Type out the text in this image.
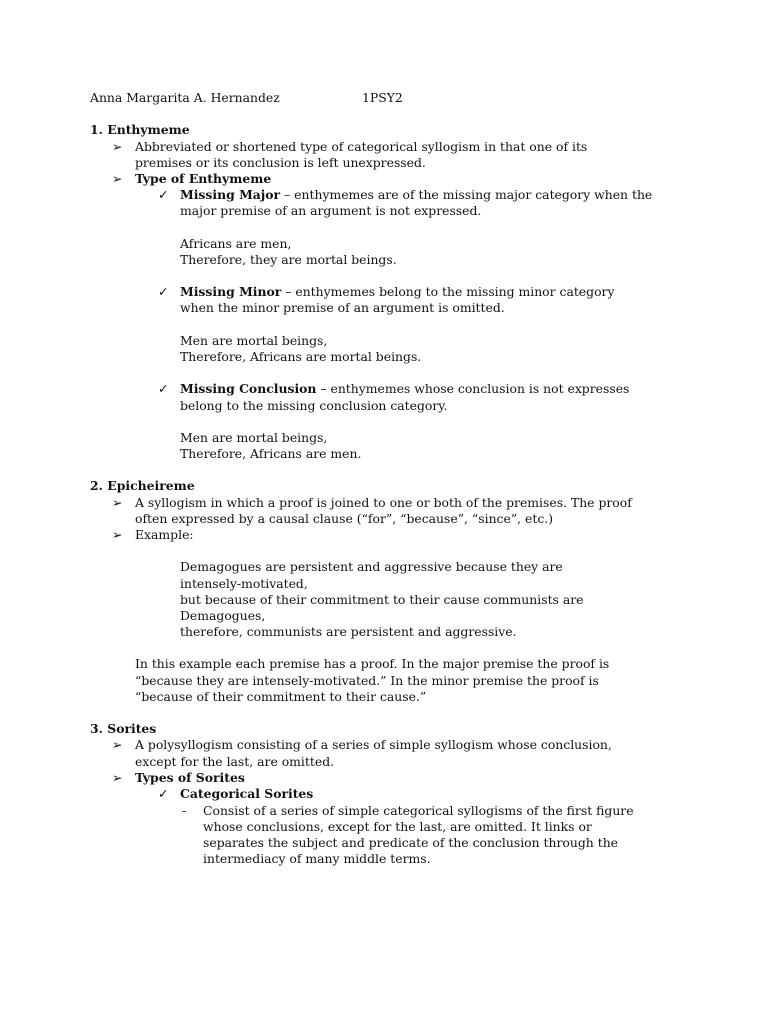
Anna Margarita A. Hernandez	1PSY2
1. Enthymeme
➢ Abbreviated or shortened type of categorical syllogism in that one of its
premises or its conclusion is left unexpressed.
➢ Type of Enthymeme
✓ Missing Major – enthymemes are of the missing major category when the
major premise of an argument is not expressed.
Africans are men,
Therefore, they are mortal beings.
✓ Missing Minor – enthymemes belong to the missing minor category
when the minor premise of an argument is omitted.
Men are mortal beings,
Therefore, Africans are mortal beings.
✓ Missing Conclusion – enthymemes whose conclusion is not expresses
belong to the missing conclusion category.
Men are mortal beings,
Therefore, Africans are men.
2. Epicheireme
➢ A syllogism in which a proof is joined to one or both of the premises. The proof
often expressed by a causal clause (“for”, “because”, “since”, etc.)
➢ Example:
Demagogues are persistent and aggressive because they are
intensely-motivated,
but because of their commitment to their cause communists are
Demagogues,
therefore, communists are persistent and aggressive.
In this example each premise has a proof. In the major premise the proof is
“because they are intensely-motivated.” In the minor premise the proof is
“because of their commitment to their cause.”
3. Sorites
➢ A polysyllogism consisting of a series of simple syllogism whose conclusion,
except for the last, are omitted.
➢ Types of Sorites
✓ Categorical Sorites
- Consist of a series of simple categorical syllogisms of the first figure
whose conclusions, except for the last, are omitted. It links or
separates the subject and predicate of the conclusion through the
intermediacy of many middle terms.
